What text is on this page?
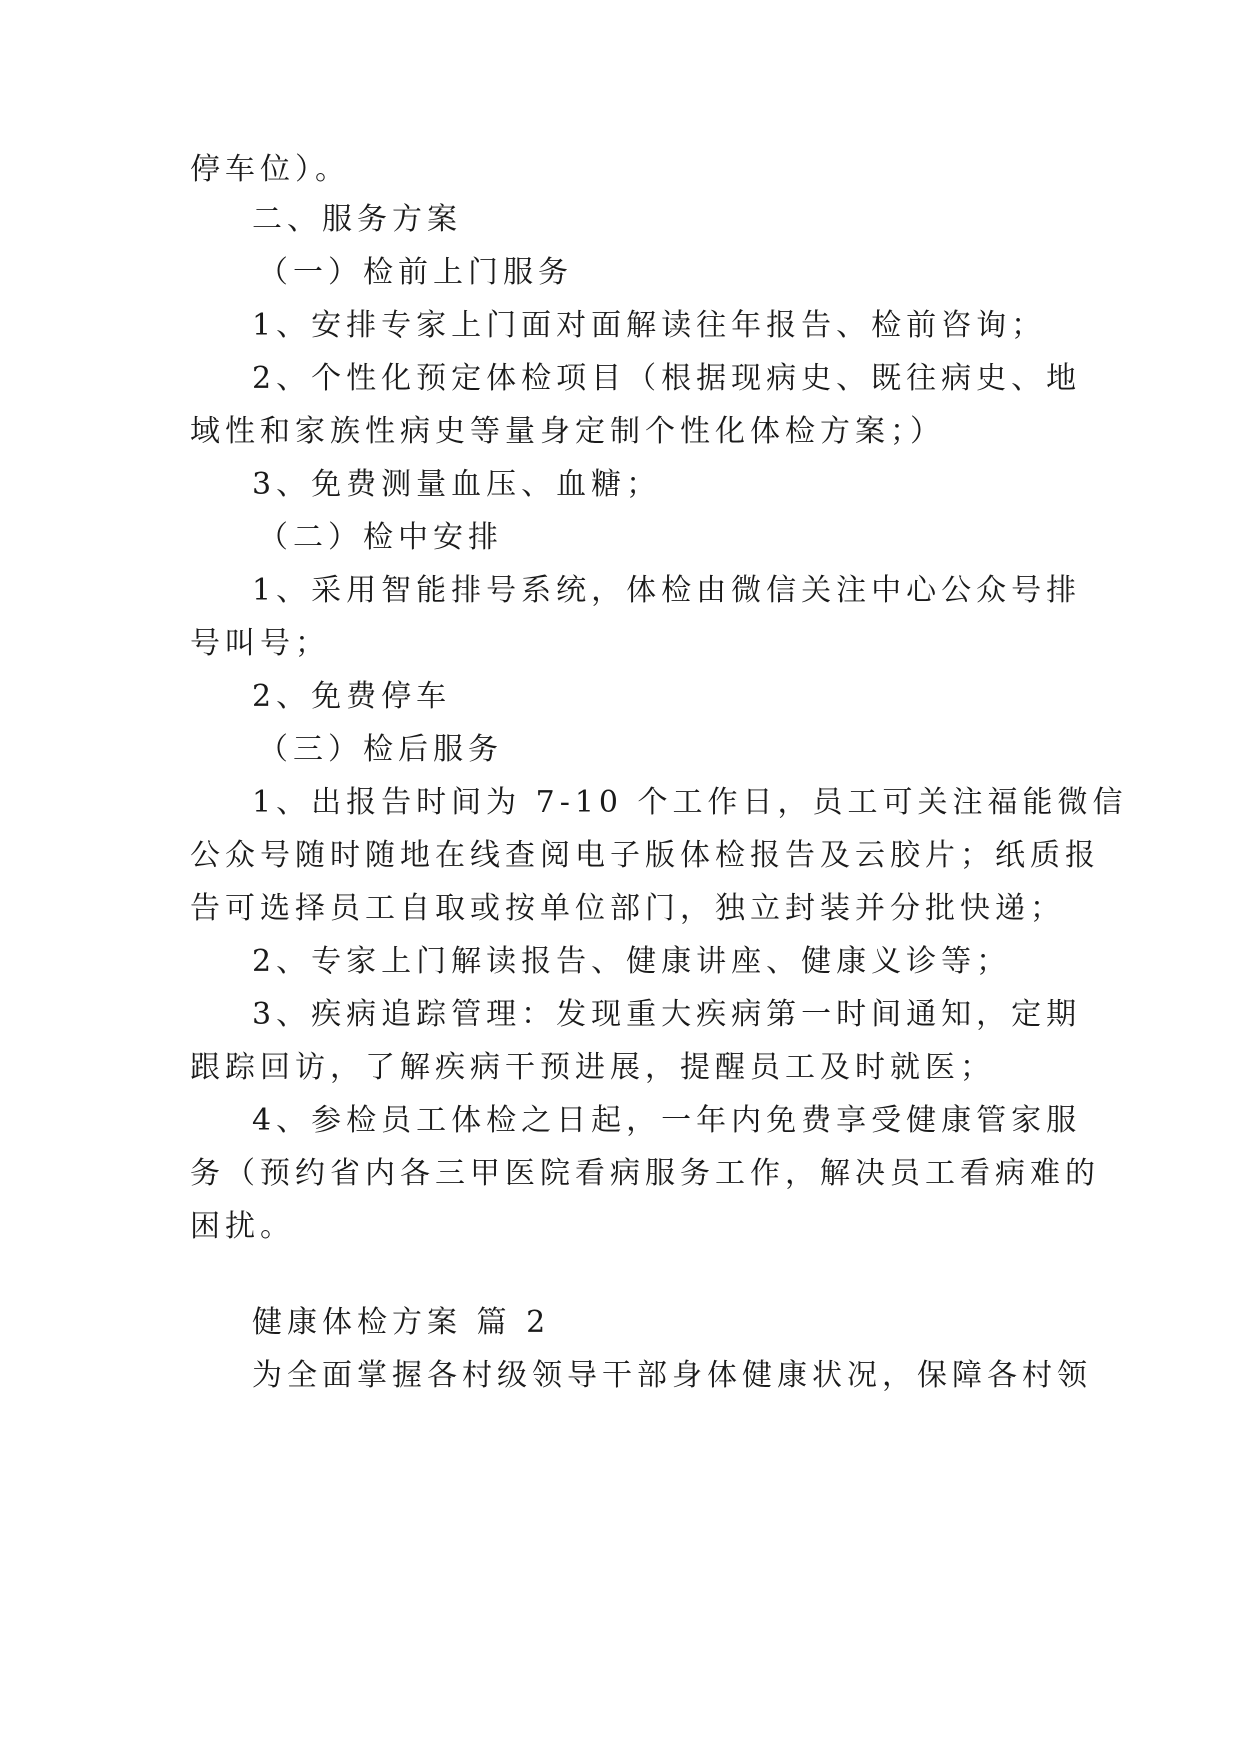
停车位）。
二、服务方案
（一）检前上门服务
1、安排专家上门面对面解读往年报告、检前咨询；
2、个性化预定体检项目（根据现病史、既往病史、地
域性和家族性病史等量身定制个性化体检方案；）
3、免费测量血压、血糖；
（二）检中安排
1、采用智能排号系统，体检由微信关注中心公众号排
号叫号；
2、免费停车
（三）检后服务
1、出报告时间为 7-10 个工作日，员工可关注福能微信
公众号随时随地在线查阅电子版体检报告及云胶片；纸质报
告可选择员工自取或按单位部门，独立封装并分批快递；
2、专家上门解读报告、健康讲座、健康义诊等；
3、疾病追踪管理：发现重大疾病第一时间通知，定期
跟踪回访，了解疾病干预进展，提醒员工及时就医；
4、参检员工体检之日起，一年内免费享受健康管家服
务（预约省内各三甲医院看病服务工作，解决员工看病难的
困扰。
健康体检方案 篇 2
为全面掌握各村级领导干部身体健康状况，保障各村领
